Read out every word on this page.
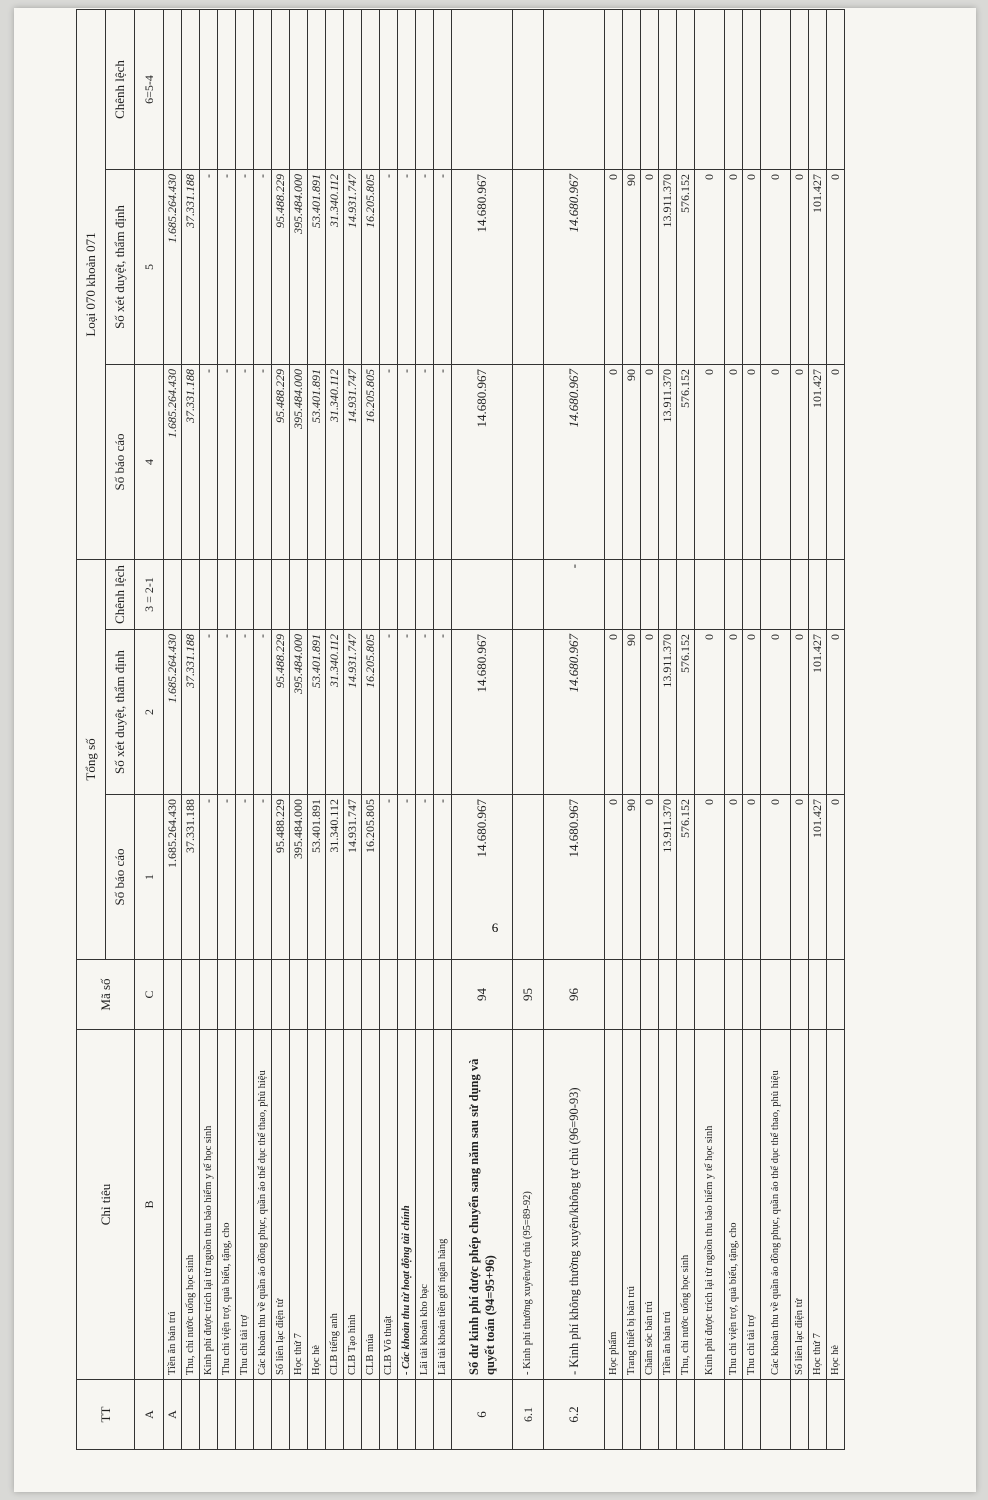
TT	Chỉ tiêu	Mã số	Tổng số			Loại 070 khoản 071		
			Số báo cáo	Số xét duyệt, thẩm định	Chênh lệch	Số báo cáo	Số xét duyệt, thẩm định	Chênh lệch
A	B	C	1	2	3 = 2-1	4	5	6=5-4
A	Tiền ăn bán trú		1.685.264.430	1.685.264.430		1.685.264.430	1.685.264.430	
	Thu, chi nước uống học sinh		37.331.188	37.331.188		37.331.188	37.331.188	
	Kinh phí được trích lại từ nguồn thu bảo hiểm y tế học sinh		-	-		-	-	
	Thu chi viện trợ, quà biếu, tặng, cho		-	-		-	-	
	Thu chi tài trợ		-	-		-	-	
	Các khoản thu về quần áo đồng phục, quần áo thể dục thể thao, phù hiệu		-	-		-	-	
	Sổ liên lạc điện tử		95.488.229	95.488.229		95.488.229	95.488.229	
	Học thứ 7		395.484.000	395.484.000		395.484.000	395.484.000	
	Học hè		53.401.891	53.401.891		53.401.891	53.401.891	
	CLB tiếng anh		31.340.112	31.340.112		31.340.112	31.340.112	
	CLB Tạo hình		14.931.747	14.931.747		14.931.747	14.931.747	
	CLB múa		16.205.805	16.205.805		16.205.805	16.205.805	
	CLB Võ thuật		-	-		-	-	
	- Các khoản thu từ hoạt động tài chính		-	-		-	-	
	Lãi tài khoản kho bạc		-	-		-	-	
	Lãi tài khoản tiền gửi ngân hàng		-	-		-	-	
6	Số dư kinh phí được phép chuyển sang năm sau sử dụng và quyết toán (94=95+96)	94	14.680.967	14.680.967		14.680.967	14.680.967	
6.1	- Kinh phí thường xuyên/tự chủ (95=89-92)	95						
6.2	- Kinh phí không thường xuyên/không tự chủ (96=90-93)	96	14.680.967	14.680.967	-	14.680.967	14.680.967	
	Học phẩm		0	0		0	0	
	Trang thiết bị bán trú		90	90		90	90	
	Chăm sóc bán trú		0	0		0	0	
	Tiền ăn bán trú		13.911.370	13.911.370		13.911.370	13.911.370	
	Thu, chi nước uống học sinh		576.152	576.152		576.152	576.152	
	Kinh phí được trích lại từ nguồn thu bảo hiểm y tế học sinh		0	0		0	0	
	Thu chi viện trợ, quà biếu, tặng, cho		0	0		0	0	
	Thu chi tài trợ		0	0		0	0	
	Các khoản thu về quần áo đồng phục, quần áo thể dục thể thao, phù hiệu		0	0		0	0	
	Sổ liên lạc điện tử		0	0		0	0	
	Học thứ 7		101.427	101.427		101.427	101.427	
	Học hè		0	0		0	0	
6
